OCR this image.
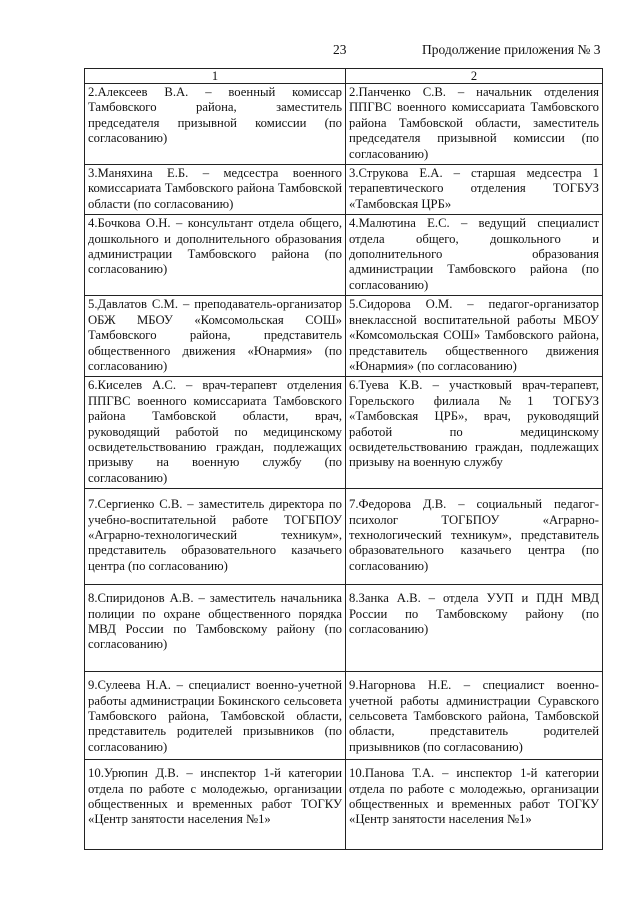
23	Продолжение приложения № 3
1	2
2.Алексеев В.А. – военный комиссар Тамбовского района, заместитель председателя призывной комиссии (по согласованию)	2.Панченко С.В. – начальник отделения ППГВС военного комиссариата Тамбовского района Тамбовской области, заместитель председателя призывной комиссии (по согласованию)
3.Маняхина Е.Б. – медсестра военного комиссариата Тамбовского района Тамбовской области (по согласованию)	3.Струкова Е.А. – старшая медсестра 1 терапевтического отделения ТОГБУЗ «Тамбовская ЦРБ»
4.Бочкова О.Н. – консультант отдела общего, дошкольного и дополнительного образования администрации Тамбовского района (по согласованию)	4.Малютина Е.С. – ведущий специалист отдела общего, дошкольного и дополнительного образования администрации Тамбовского района (по согласованию)
5.Давлатов С.М. – преподаватель-организатор ОБЖ МБОУ «Комсомольская СОШ» Тамбовского района, представитель общественного движения «Юнармия» (по согласованию)	5.Сидорова О.М. – педагог-организатор внеклассной воспитательной работы МБОУ «Комсомольская СОШ» Тамбовского района, представитель общественного движения «Юнармия» (по согласованию)
6.Киселев А.С. – врач-терапевт отделения ППГВС военного комиссариата Тамбовского района Тамбовской области, врач, руководящий работой по медицинскому освидетельствованию граждан, подлежащих призыву на военную службу (по согласованию)	6.Туева К.В. – участковый врач-терапевт, Горельского филиала №1 ТОГБУЗ «Тамбовская ЦРБ», врач, руководящий работой по медицинскому освидетельствованию граждан, подлежащих призыву на военную службу
7.Сергиенко С.В. – заместитель директора по учебно-воспитательной работе ТОГБПОУ «Аграрно-технологический техникум», представитель образовательного казачьего центра (по согласованию)	7.Федорова Д.В. – социальный педагог-психолог ТОГБПОУ «Аграрно-технологический техникум», представитель образовательного казачьего центра (по согласованию)
8.Спиридонов А.В. – заместитель начальника полиции по охране общественного порядка МВД России по Тамбовскому району (по согласованию)	8.Занка А.В. – отдела УУП и ПДН МВД России по Тамбовскому району (по согласованию)
9.Сулеева Н.А. – специалист военно-учетной работы администрации Бокинского сельсовета Тамбовского района, Тамбовской области, представитель родителей призывников (по согласованию)	9.Нагорнова Н.Е. – специалист военно-учетной работы администрации Суравского сельсовета Тамбовского района, Тамбовской области, представитель родителей призывников (по согласованию)
10.Урюпин Д.В. – инспектор 1-й категории отдела по работе с молодежью, организации общественных и временных работ ТОГКУ «Центр занятости населения №1»	10.Панова Т.А. – инспектор 1-й категории отдела по работе с молодежью, организации общественных и временных работ ТОГКУ «Центр занятости населения №1»
